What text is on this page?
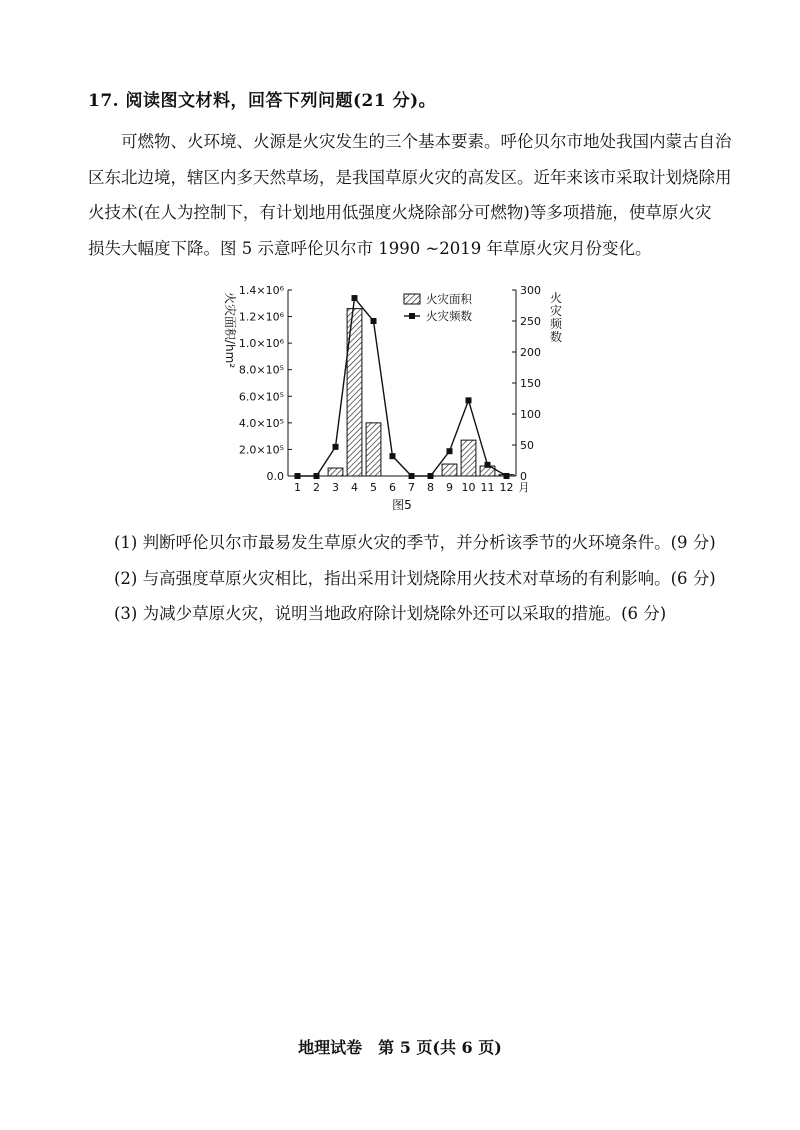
17. 阅读图文材料，回答下列问题(21 分)。
可燃物、火环境、火源是火灾发生的三个基本要素。呼伦贝尔市地处我国内蒙古自治
区东北边境，辖区内多天然草场，是我国草原火灾的高发区。近年来该市采取计划烧除用
火技术(在人为控制下，有计划地用低强度火烧除部分可燃物)等多项措施，使草原火灾
损失大幅度下降。图 5 示意呼伦贝尔市 1990 ~2019 年草原火灾月份变化。
0.0
2.0×10⁵
4.0×10⁵
6.0×10⁵
8.0×10⁵
1.0×10⁶
1.2×10⁶
1.4×10⁶
0
50
100
150
200
250
300
1 2 3 4 5 6 7 8 9 10 11 12 月
图5
火灾面积/hm²	火
灾
频
数
火灾面积
火灾频数
(1) 判断呼伦贝尔市最易发生草原火灾的季节，并分析该季节的火环境条件。(9 分)
(2) 与高强度草原火灾相比，指出采用计划烧除用火技术对草场的有利影响。(6 分)
(3) 为减少草原火灾，说明当地政府除计划烧除外还可以采取的措施。(6 分)
地理试卷　第 5 页(共 6 页)
